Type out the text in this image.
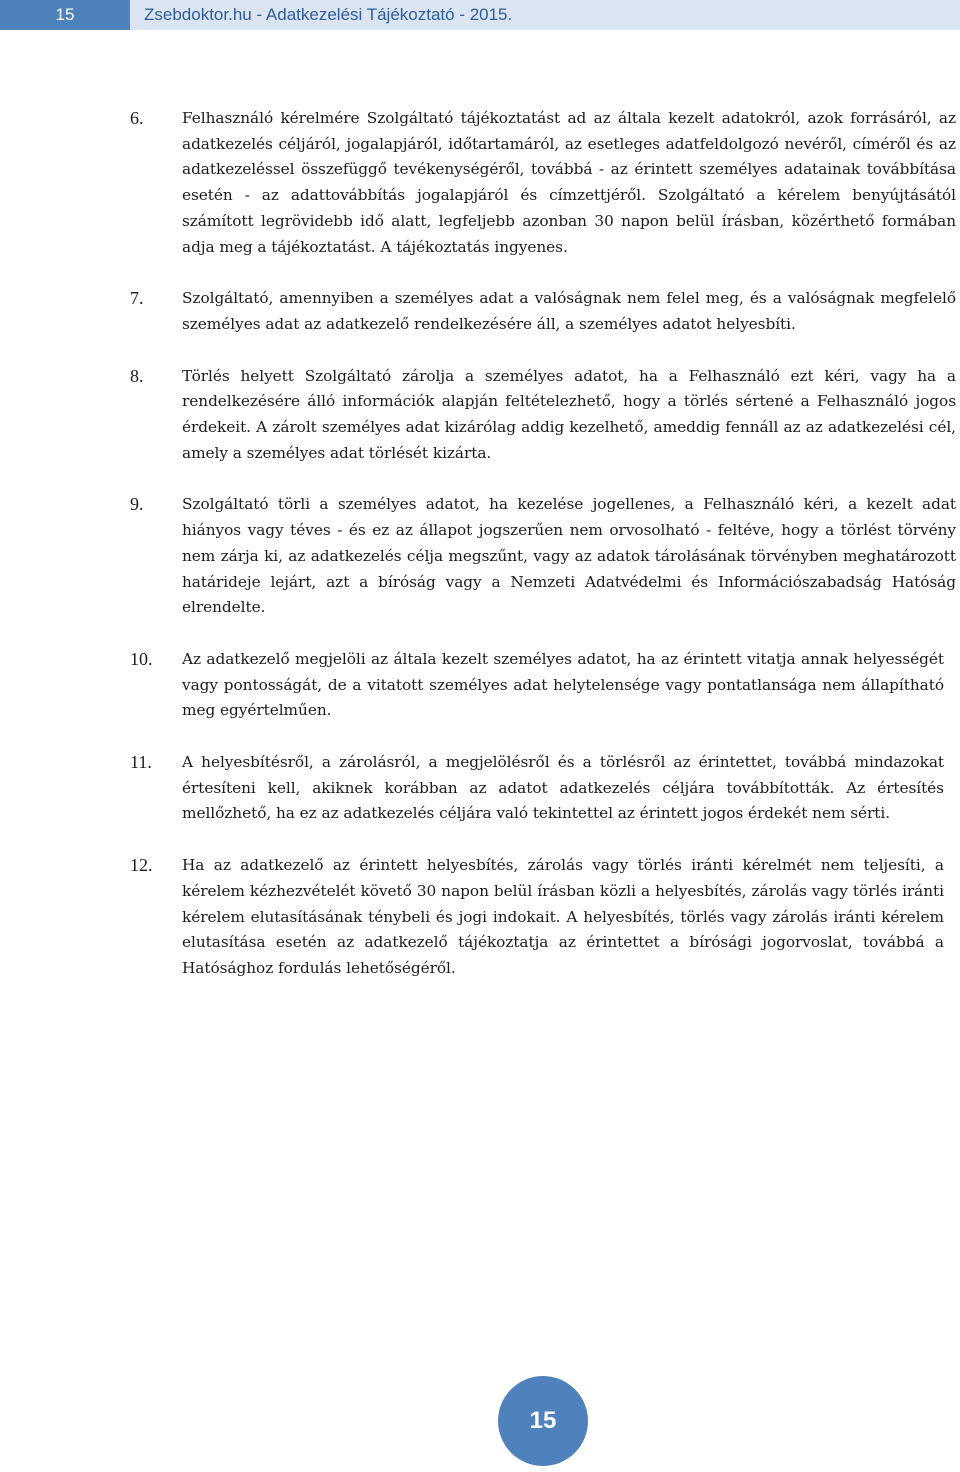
15	Zsebdoktor.hu - Adatkezelési Tájékoztató - 2015.
6.	Felhasználó kérelmére Szolgáltató tájékoztatást ad az általa kezelt adatokról, azok forrásáról, az adatkezelés céljáról, jogalapjáról, időtartamáról, az esetleges adatfeldolgozó nevéről, címéről és az adatkezeléssel összefüggő tevékenységéről, továbbá - az érintett személyes adatainak továbbítása esetén - az adattovábbítás jogalapjáról és címzettjéről. Szolgáltató a kérelem benyújtásától számított legrövidebb idő alatt, legfeljebb azonban 30 napon belül írásban, közérthető formában adja meg a tájékoztatást. A tájékoztatás ingyenes.
7.	Szolgáltató, amennyiben a személyes adat a valóságnak nem felel meg, és a valóságnak megfelelő személyes adat az adatkezelő rendelkezésére áll, a személyes adatot helyesbíti.
8.	Törlés helyett Szolgáltató zárolja a személyes adatot, ha a Felhasználó ezt kéri, vagy ha a rendelkezésére álló információk alapján feltételezhető, hogy a törlés sértené a Felhasználó jogos érdekeit. A zárolt személyes adat kizárólag addig kezelhető, ameddig fennáll az az adatkezelési cél, amely a személyes adat törlését kizárta.
9.	Szolgáltató törli a személyes adatot, ha kezelése jogellenes, a Felhasználó kéri, a kezelt adat hiányos vagy téves - és ez az állapot jogszerűen nem orvosolható - feltéve, hogy a törlést törvény nem zárja ki, az adatkezelés célja megszűnt, vagy az adatok tárolásának törvényben meghatározott határideje lejárt, azt a bíróság vagy a Nemzeti Adatvédelmi és Információszabadság Hatóság elrendelte.
10.	Az adatkezelő megjelöli az általa kezelt személyes adatot, ha az érintett vitatja annak helyességét vagy pontosságát, de a vitatott személyes adat helytelensége vagy pontatlansága nem állapítható meg egyértelműen.
11.	A helyesbítésről, a zárolásról, a megjelölésről és a törlésről az érintettet, továbbá mindazokat értesíteni kell, akiknek korábban az adatot adatkezelés céljára továbbították. Az értesítés mellőzhető, ha ez az adatkezelés céljára való tekintettel az érintett jogos érdekét nem sérti.
12.	Ha az adatkezelő az érintett helyesbítés, zárolás vagy törlés iránti kérelmét nem teljesíti, a kérelem kézhezvételét követő 30 napon belül írásban közli a helyesbítés, zárolás vagy törlés iránti kérelem elutasításának ténybeli és jogi indokait. A helyesbítés, törlés vagy zárolás iránti kérelem elutasítása esetén az adatkezelő tájékoztatja az érintettet a bírósági jogorvoslat, továbbá a Hatósághoz fordulás lehetőségéről.
15
